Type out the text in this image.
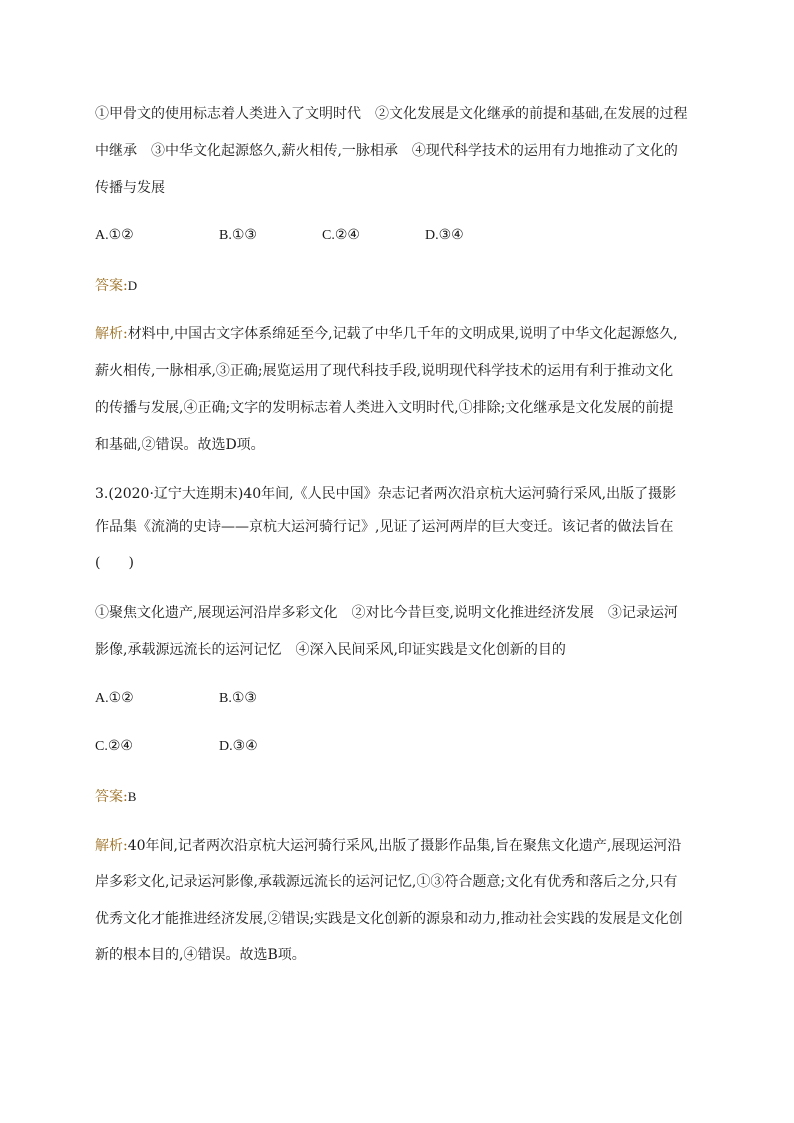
①甲骨文的使用标志着人类进入了文明时代　②文化发展是文化继承的前提和基础,在发展的过程
中继承　③中华文化起源悠久,薪火相传,一脉相承　④现代科学技术的运用有力地推动了文化的
传播与发展
A.①②	B.①③	C.②④	D.③④
答案:D
解析:材料中,中国古文字体系绵延至今,记载了中华几千年的文明成果,说明了中华文化起源悠久,
薪火相传,一脉相承,③正确;展览运用了现代科技手段,说明现代科学技术的运用有利于推动文化
的传播与发展,④正确;文字的发明标志着人类进入文明时代,①排除;文化继承是文化发展的前提
和基础,②错误。故选D项。
3.(2020·辽宁大连期末)40年间,《人民中国》杂志记者两次沿京杭大运河骑行采风,出版了摄影
作品集《流淌的史诗——京杭大运河骑行记》,见证了运河两岸的巨大变迁。该记者的做法旨在
(　　)
①聚焦文化遗产,展现运河沿岸多彩文化　②对比今昔巨变,说明文化推进经济发展　③记录运河
影像,承载源远流长的运河记忆　④深入民间采风,印证实践是文化创新的目的
A.①②	B.①③
C.②④	D.③④
答案:B
解析:40年间,记者两次沿京杭大运河骑行采风,出版了摄影作品集,旨在聚焦文化遗产,展现运河沿
岸多彩文化,记录运河影像,承载源远流长的运河记忆,①③符合题意;文化有优秀和落后之分,只有
优秀文化才能推进经济发展,②错误;实践是文化创新的源泉和动力,推动社会实践的发展是文化创
新的根本目的,④错误。故选B项。
